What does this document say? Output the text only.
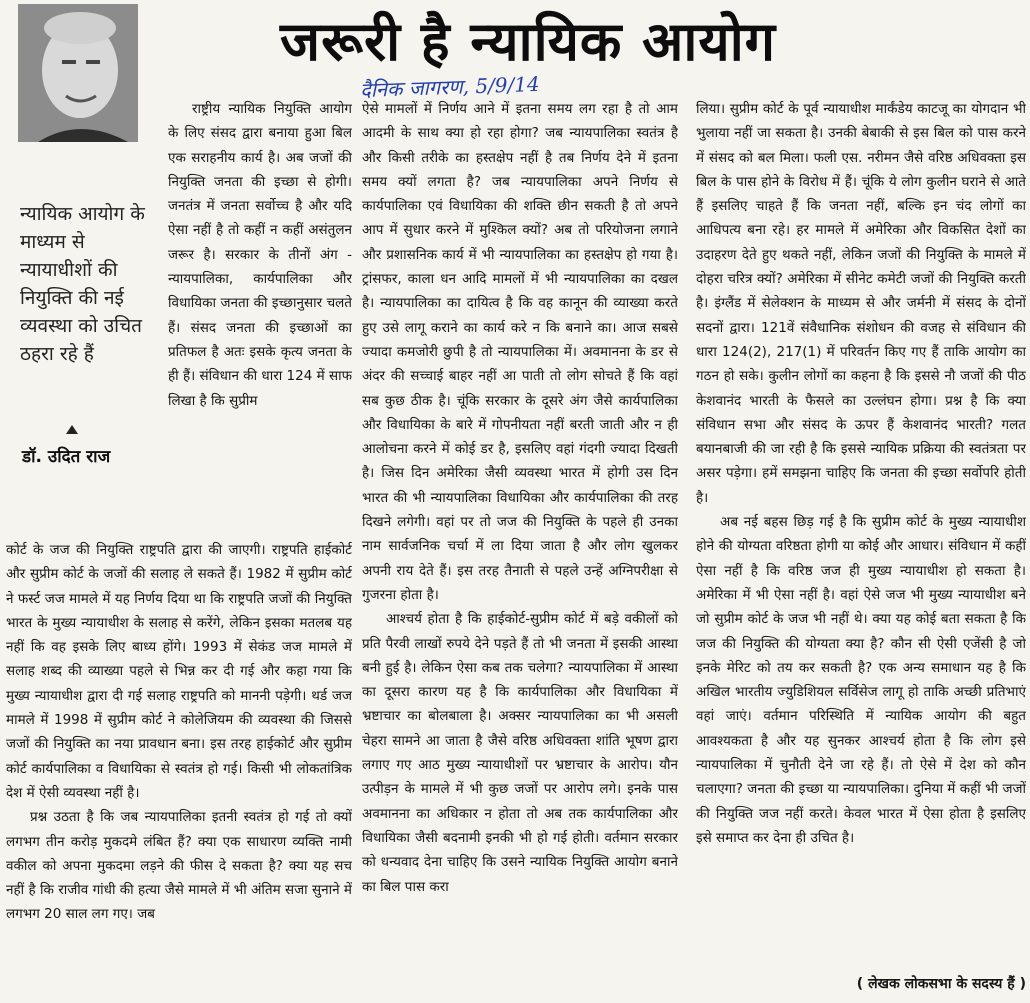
जरूरी है न्यायिक आयोग
दैनिक जागरण, 5/9/14
न्यायिक आयोग के माध्यम से न्यायाधीशों की नियुक्ति की नई व्यवस्था को उचित ठहरा रहे हैं
डॉ. उदित राज

राष्ट्रीय न्यायिक नियुक्ति आयोग के लिए संसद द्वारा बनाया हुआ बिल एक सराहनीय कार्य है। अब जजों की नियुक्ति जनता की इच्छा से होगी। जनतंत्र में जनता सर्वोच्च है और यदि ऐसा नहीं है तो कहीं न कहीं असंतुलन जरूर है। सरकार के तीनों अंग - न्यायपालिका, कार्यपालिका और विधायिका जनता की इच्छानुसार चलते हैं। संसद जनता की इच्छाओं का प्रतिफल है अतः इसके कृत्य जनता के ही हैं। संविधान की धारा 124 में साफ लिखा है कि सुप्रीम

कोर्ट के जज की नियुक्ति राष्ट्रपति द्वारा की जाएगी। राष्ट्रपति हाईकोर्ट और सुप्रीम कोर्ट के जजों की सलाह ले सकते हैं। 1982 में सुप्रीम कोर्ट ने फर्स्ट जज मामले में यह निर्णय दिया था कि राष्ट्रपति जजों की नियुक्ति भारत के मुख्य न्यायाधीश के सलाह से करेंगे, लेकिन इसका मतलब यह नहीं कि वह इसके लिए बाध्य होंगे। 1993 में सेकंड जज मामले में सलाह शब्द की व्याख्या पहले से भिन्न कर दी गई और कहा गया कि मुख्य न्यायाधीश द्वारा दी गई सलाह राष्ट्रपति को माननी पड़ेगी। थर्ड जज मामले में 1998 में सुप्रीम कोर्ट ने कोलेजियम की व्यवस्था की जिससे जजों की नियुक्ति का नया प्रावधान बना। इस तरह हाईकोर्ट और सुप्रीम कोर्ट कार्यपालिका व विधायिका से स्वतंत्र हो गई। किसी भी लोकतांत्रिक देश में ऐसी व्यवस्था नहीं है।

प्रश्न उठता है कि जब न्यायपालिका इतनी स्वतंत्र हो गई तो क्यों लगभग तीन करोड़ मुकदमे लंबित हैं? क्या एक साधारण व्यक्ति नामी वकील को अपना मुकदमा लड़ने की फीस दे सकता है? क्या यह सच नहीं है कि राजीव गांधी की हत्या जैसे मामले में भी अंतिम सजा सुनाने में लगभग 20 साल लग गए। जब

ऐसे मामलों में निर्णय आने में इतना समय लग रहा है तो आम आदमी के साथ क्या हो रहा होगा? जब न्यायपालिका स्वतंत्र है और किसी तरीके का हस्तक्षेप नहीं है तब निर्णय देने में इतना समय क्यों लगता है? जब न्यायपालिका अपने निर्णय से कार्यपालिका एवं विधायिका की शक्ति छीन सकती है तो अपने आप में सुधार करने में मुश्किल क्यों? अब तो परियोजना लगाने और प्रशासनिक कार्य में भी न्यायपालिका का हस्तक्षेप हो गया है। ट्रांसफर, काला धन आदि मामलों में भी न्यायपालिका का दखल है। न्यायपालिका का दायित्व है कि वह कानून की व्याख्या करते हुए उसे लागू कराने का कार्य करे न कि बनाने का। आज सबसे ज्यादा कमजोरी छुपी है तो न्यायपालिका में। अवमानना के डर से अंदर की सच्चाई बाहर नहीं आ पाती तो लोग सोचते हैं कि वहां सब कुछ ठीक है। चूंकि सरकार के दूसरे अंग जैसे कार्यपालिका और विधायिका के बारे में गोपनीयता नहीं बरती जाती और न ही आलोचना करने में कोई डर है, इसलिए वहां गंदगी ज्यादा दिखती है। जिस दिन अमेरिका जैसी व्यवस्था भारत में होगी उस दिन भारत की भी न्यायपालिका विधायिका और कार्यपालिका की तरह दिखने लगेगी। वहां पर तो जज की नियुक्ति के पहले ही उनका नाम सार्वजनिक चर्चा में ला दिया जाता है और लोग खुलकर अपनी राय देते हैं। इस तरह तैनाती से पहले उन्हें अग्निपरीक्षा से गुजरना होता है।

आश्चर्य होता है कि हाईकोर्ट-सुप्रीम कोर्ट में बड़े वकीलों को प्रति पैरवी लाखों रुपये देने पड़ते हैं तो भी जनता में इसकी आस्था बनी हुई है। लेकिन ऐसा कब तक चलेगा? न्यायपालिका में आस्था का दूसरा कारण यह है कि कार्यपालिका और विधायिका में भ्रष्टाचार का बोलबाला है। अक्सर न्यायपालिका का भी असली चेहरा सामने आ जाता है जैसे वरिष्ठ अधिवक्ता शांति भूषण द्वारा लगाए गए आठ मुख्य न्यायाधीशों पर भ्रष्टाचार के आरोप। यौन उत्पीड़न के मामले में भी कुछ जजों पर आरोप लगे। इनके पास अवमानना का अधिकार न होता तो अब तक कार्यपालिका और विधायिका जैसी बदनामी इनकी भी हो गई होती। वर्तमान सरकार को धन्यवाद देना चाहिए कि उसने न्यायिक नियुक्ति आयोग बनाने का बिल पास करा

लिया। सुप्रीम कोर्ट के पूर्व न्यायाधीश मार्कंडेय काटजू का योगदान भी भुलाया नहीं जा सकता है। उनकी बेबाकी से इस बिल को पास करने में संसद को बल मिला। फली एस. नरीमन जैसे वरिष्ठ अधिवक्ता इस बिल के पास होने के विरोध में हैं। चूंकि ये लोग कुलीन घराने से आते हैं इसलिए चाहते हैं कि जनता नहीं, बल्कि इन चंद लोगों का आधिपत्य बना रहे। हर मामले में अमेरिका और विकसित देशों का उदाहरण देते हुए थकते नहीं, लेकिन जजों की नियुक्ति के मामले में दोहरा चरित्र क्यों? अमेरिका में सीनेट कमेटी जजों की नियुक्ति करती है। इंग्लैंड में सेलेक्शन के माध्यम से और जर्मनी में संसद के दोनों सदनों द्वारा। 121वें संवैधानिक संशोधन की वजह से संविधान की धारा 124(2), 217(1) में परिवर्तन किए गए हैं ताकि आयोग का गठन हो सके। कुलीन लोगों का कहना है कि इससे नौ जजों की पीठ केशवानंद भारती के फैसले का उल्लंघन होगा। प्रश्न है कि क्या संविधान सभा और संसद के ऊपर हैं केशवानंद भारती? गलत बयानबाजी की जा रही है कि इससे न्यायिक प्रक्रिया की स्वतंत्रता पर असर पड़ेगा। हमें समझना चाहिए कि जनता की इच्छा सर्वोपरि होती है।

अब नई बहस छिड़ गई है कि सुप्रीम कोर्ट के मुख्य न्यायाधीश होने की योग्यता वरिष्ठता होगी या कोई और आधार। संविधान में कहीं ऐसा नहीं है कि वरिष्ठ जज ही मुख्य न्यायाधीश हो सकता है। अमेरिका में भी ऐसा नहीं है। वहां ऐसे जज भी मुख्य न्यायाधीश बने जो सुप्रीम कोर्ट के जज भी नहीं थे। क्या यह कोई बता सकता है कि जज की नियुक्ति की योग्यता क्या है? कौन सी ऐसी एजेंसी है जो इनके मेरिट को तय कर सकती है? एक अन्य समाधान यह है कि अखिल भारतीय ज्युडिशियल सर्विसेज लागू हो ताकि अच्छी प्रतिभाएं वहां जाएं। वर्तमान परिस्थिति में न्यायिक आयोग की बहुत आवश्यकता है और यह सुनकर आश्चर्य होता है कि लोग इसे न्यायपालिका में चुनौती देने जा रहे हैं। तो ऐसे में देश को कौन चलाएगा? जनता की इच्छा या न्यायपालिका। दुनिया में कहीं भी जजों की नियुक्ति जज नहीं करते। केवल भारत में ऐसा होता है इसलिए इसे समाप्त कर देना ही उचित है।

( लेखक लोकसभा के सदस्य हैं )
